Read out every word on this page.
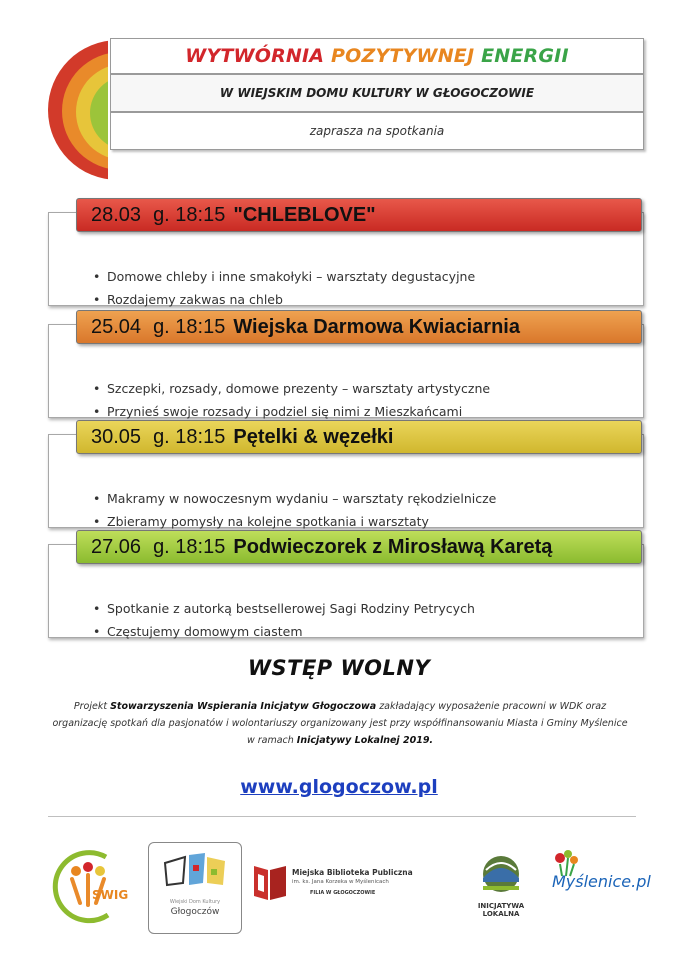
WYTWÓRNIA POZYTYWNEJ ENERGII
W WIEJSKIM DOMU KULTURY W GŁOGOCZOWIE
zaprasza na spotkania
• Domowe chleby i inne smakołyki – warsztaty degustacyjne
• Rozdajemy zakwas na chleb
28.03 g. 18:15 "CHLEBLOVE"
• Szczepki, rozsady, domowe prezenty – warsztaty artystyczne
• Przynieś swoje rozsady i podziel się nimi z Mieszkańcami
25.04 g. 18:15 Wiejska Darmowa Kwiaciarnia
• Makramy w nowoczesnym wydaniu – warsztaty rękodzielnicze
• Zbieramy pomysły na kolejne spotkania i warsztaty
30.05 g. 18:15 Pętelki & węzełki
• Spotkanie z autorką bestsellerowej Sagi Rodziny Petrycych
• Częstujemy domowym ciastem
27.06 g. 18:15 Podwieczorek z Mirosławą Karetą
WSTĘP WOLNY
Projekt Stowarzyszenia Wspierania Inicjatyw Głogoczowa zakładający wyposażenie pracowni w WDK oraz organizację spotkań dla pasjonatów i wolontariuszy organizowany jest przy współfinansowaniu Miasta i Gminy Myślenice w ramach Inicjatywy Lokalnej 2019.
www.glogoczow.pl
SWIG	Wiejski Dom Kultury
Głogoczów
Miejska Biblioteka Publiczna
im. ks. Jana Korzeka w Myślenicach
FILIA W GŁOGOCZOWIE
INICJATYWA LOKALNA
Myślenice.pl
